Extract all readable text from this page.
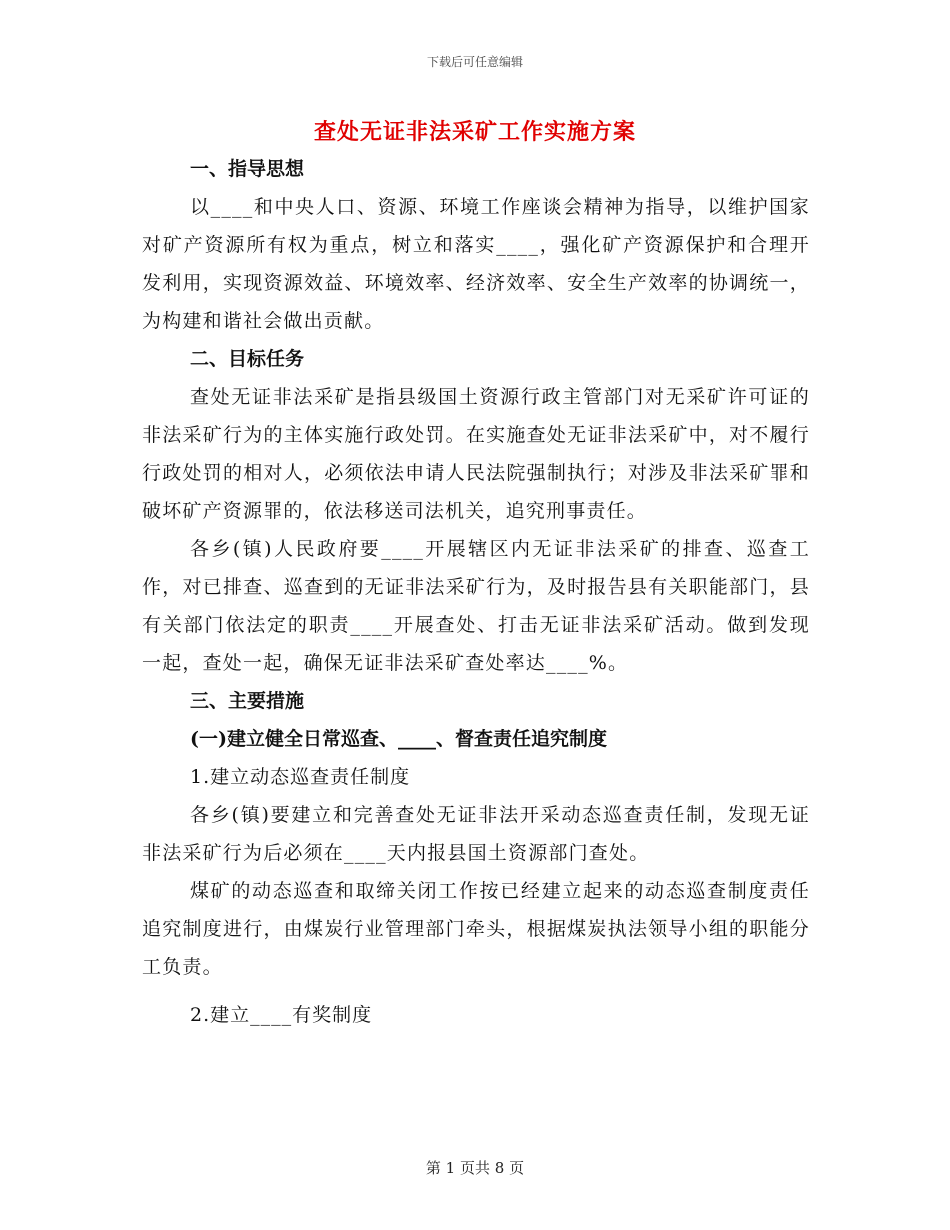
下载后可任意编辑
查处无证非法采矿工作实施方案
一、指导思想

以____和中央人口、资源、环境工作座谈会精神为指导，以维护国家对矿产资源所有权为重点，树立和落实____，强化矿产资源保护和合理开发利用，实现资源效益、环境效率、经济效率、安全生产效率的协调统一，为构建和谐社会做出贡献。

二、目标任务

查处无证非法采矿是指县级国土资源行政主管部门对无采矿许可证的非法采矿行为的主体实施行政处罚。在实施查处无证非法采矿中，对不履行行政处罚的相对人，必须依法申请人民法院强制执行；对涉及非法采矿罪和破坏矿产资源罪的，依法移送司法机关，追究刑事责任。

各乡(镇)人民政府要____开展辖区内无证非法采矿的排查、巡查工作，对已排查、巡查到的无证非法采矿行为，及时报告县有关职能部门，县有关部门依法定的职责____开展查处、打击无证非法采矿活动。做到发现一起，查处一起，确保无证非法采矿查处率达____%。

三、主要措施
(一)建立健全日常巡查、____、督查责任追究制度
1.建立动态巡查责任制度

各乡(镇)要建立和完善查处无证非法开采动态巡查责任制，发现无证非法采矿行为后必须在____天内报县国土资源部门查处。

煤矿的动态巡查和取缔关闭工作按已经建立起来的动态巡查制度责任追究制度进行，由煤炭行业管理部门牵头，根据煤炭执法领导小组的职能分工负责。

2.建立____有奖制度
第 1 页共 8 页
